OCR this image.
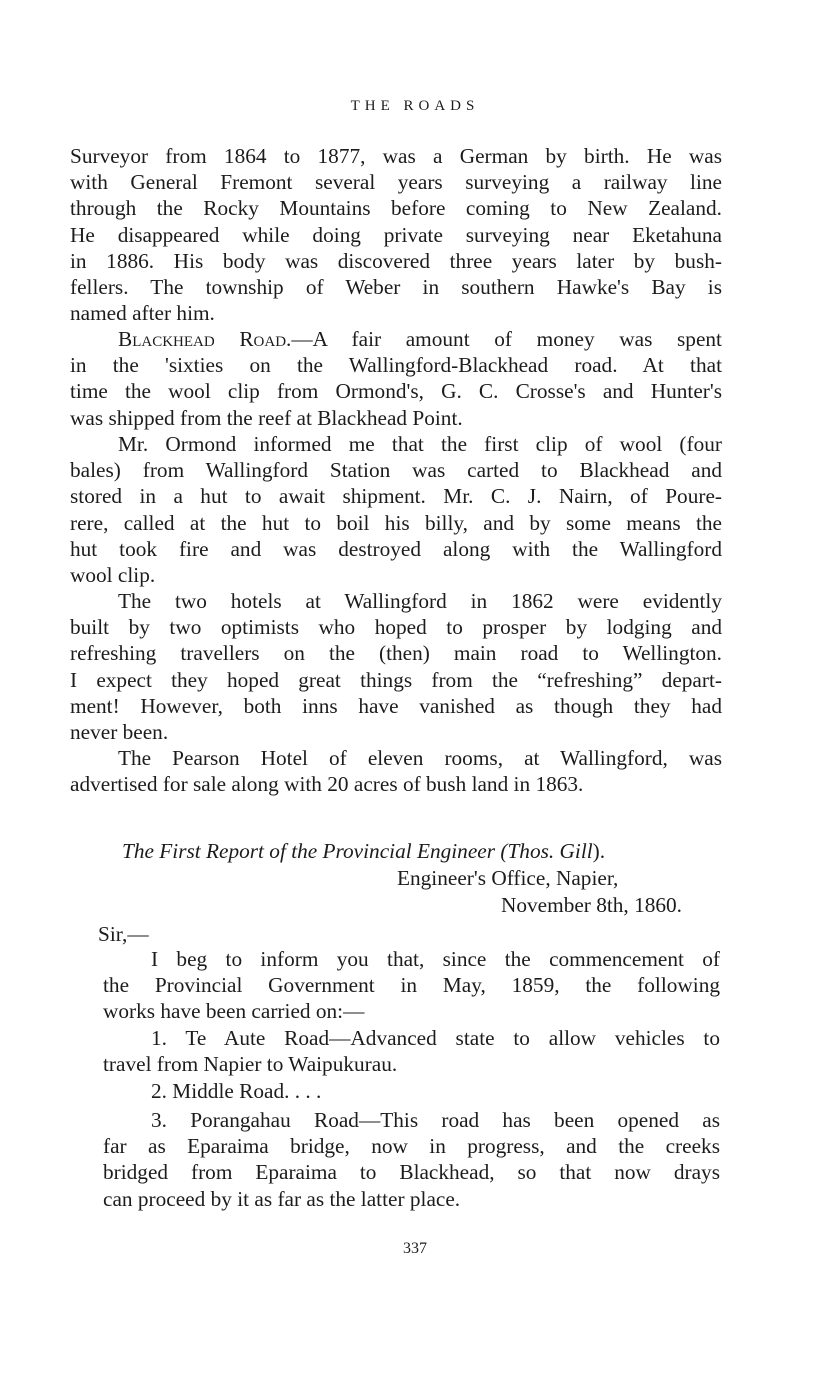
THE ROADS
Surveyor from 1864 to 1877, was a German by birth. He was
with General Fremont several years surveying a railway line
through the Rocky Mountains before coming to New Zealand.
He disappeared while doing private surveying near Eketahuna
in 1886. His body was discovered three years later by bush-
fellers. The township of Weber in southern Hawke's Bay is
named after him.
Blackhead Road.—A fair amount of money was spent
in the 'sixties on the Wallingford-Blackhead road. At that
time the wool clip from Ormond's, G. C. Crosse's and Hunter's
was shipped from the reef at Blackhead Point.
Mr. Ormond informed me that the first clip of wool (four
bales) from Wallingford Station was carted to Blackhead and
stored in a hut to await shipment. Mr. C. J. Nairn, of Poure-
rere, called at the hut to boil his billy, and by some means the
hut took fire and was destroyed along with the Wallingford
wool clip.
The two hotels at Wallingford in 1862 were evidently
built by two optimists who hoped to prosper by lodging and
refreshing travellers on the (then) main road to Wellington.
I expect they hoped great things from the “refreshing” depart-
ment! However, both inns have vanished as though they had
never been.
The Pearson Hotel of eleven rooms, at Wallingford, was
advertised for sale along with 20 acres of bush land in 1863.
The First Report of the Provincial Engineer (Thos. Gill).
Engineer's Office, Napier,
November 8th, 1860.
Sir,—
I beg to inform you that, since the commencement of
the Provincial Government in May, 1859, the following
works have been carried on:—
1. Te Aute Road—Advanced state to allow vehicles to
travel from Napier to Waipukurau.
2. Middle Road. . . .
3. Porangahau Road—This road has been opened as
far as Eparaima bridge, now in progress, and the creeks
bridged from Eparaima to Blackhead, so that now drays
can proceed by it as far as the latter place.
337
